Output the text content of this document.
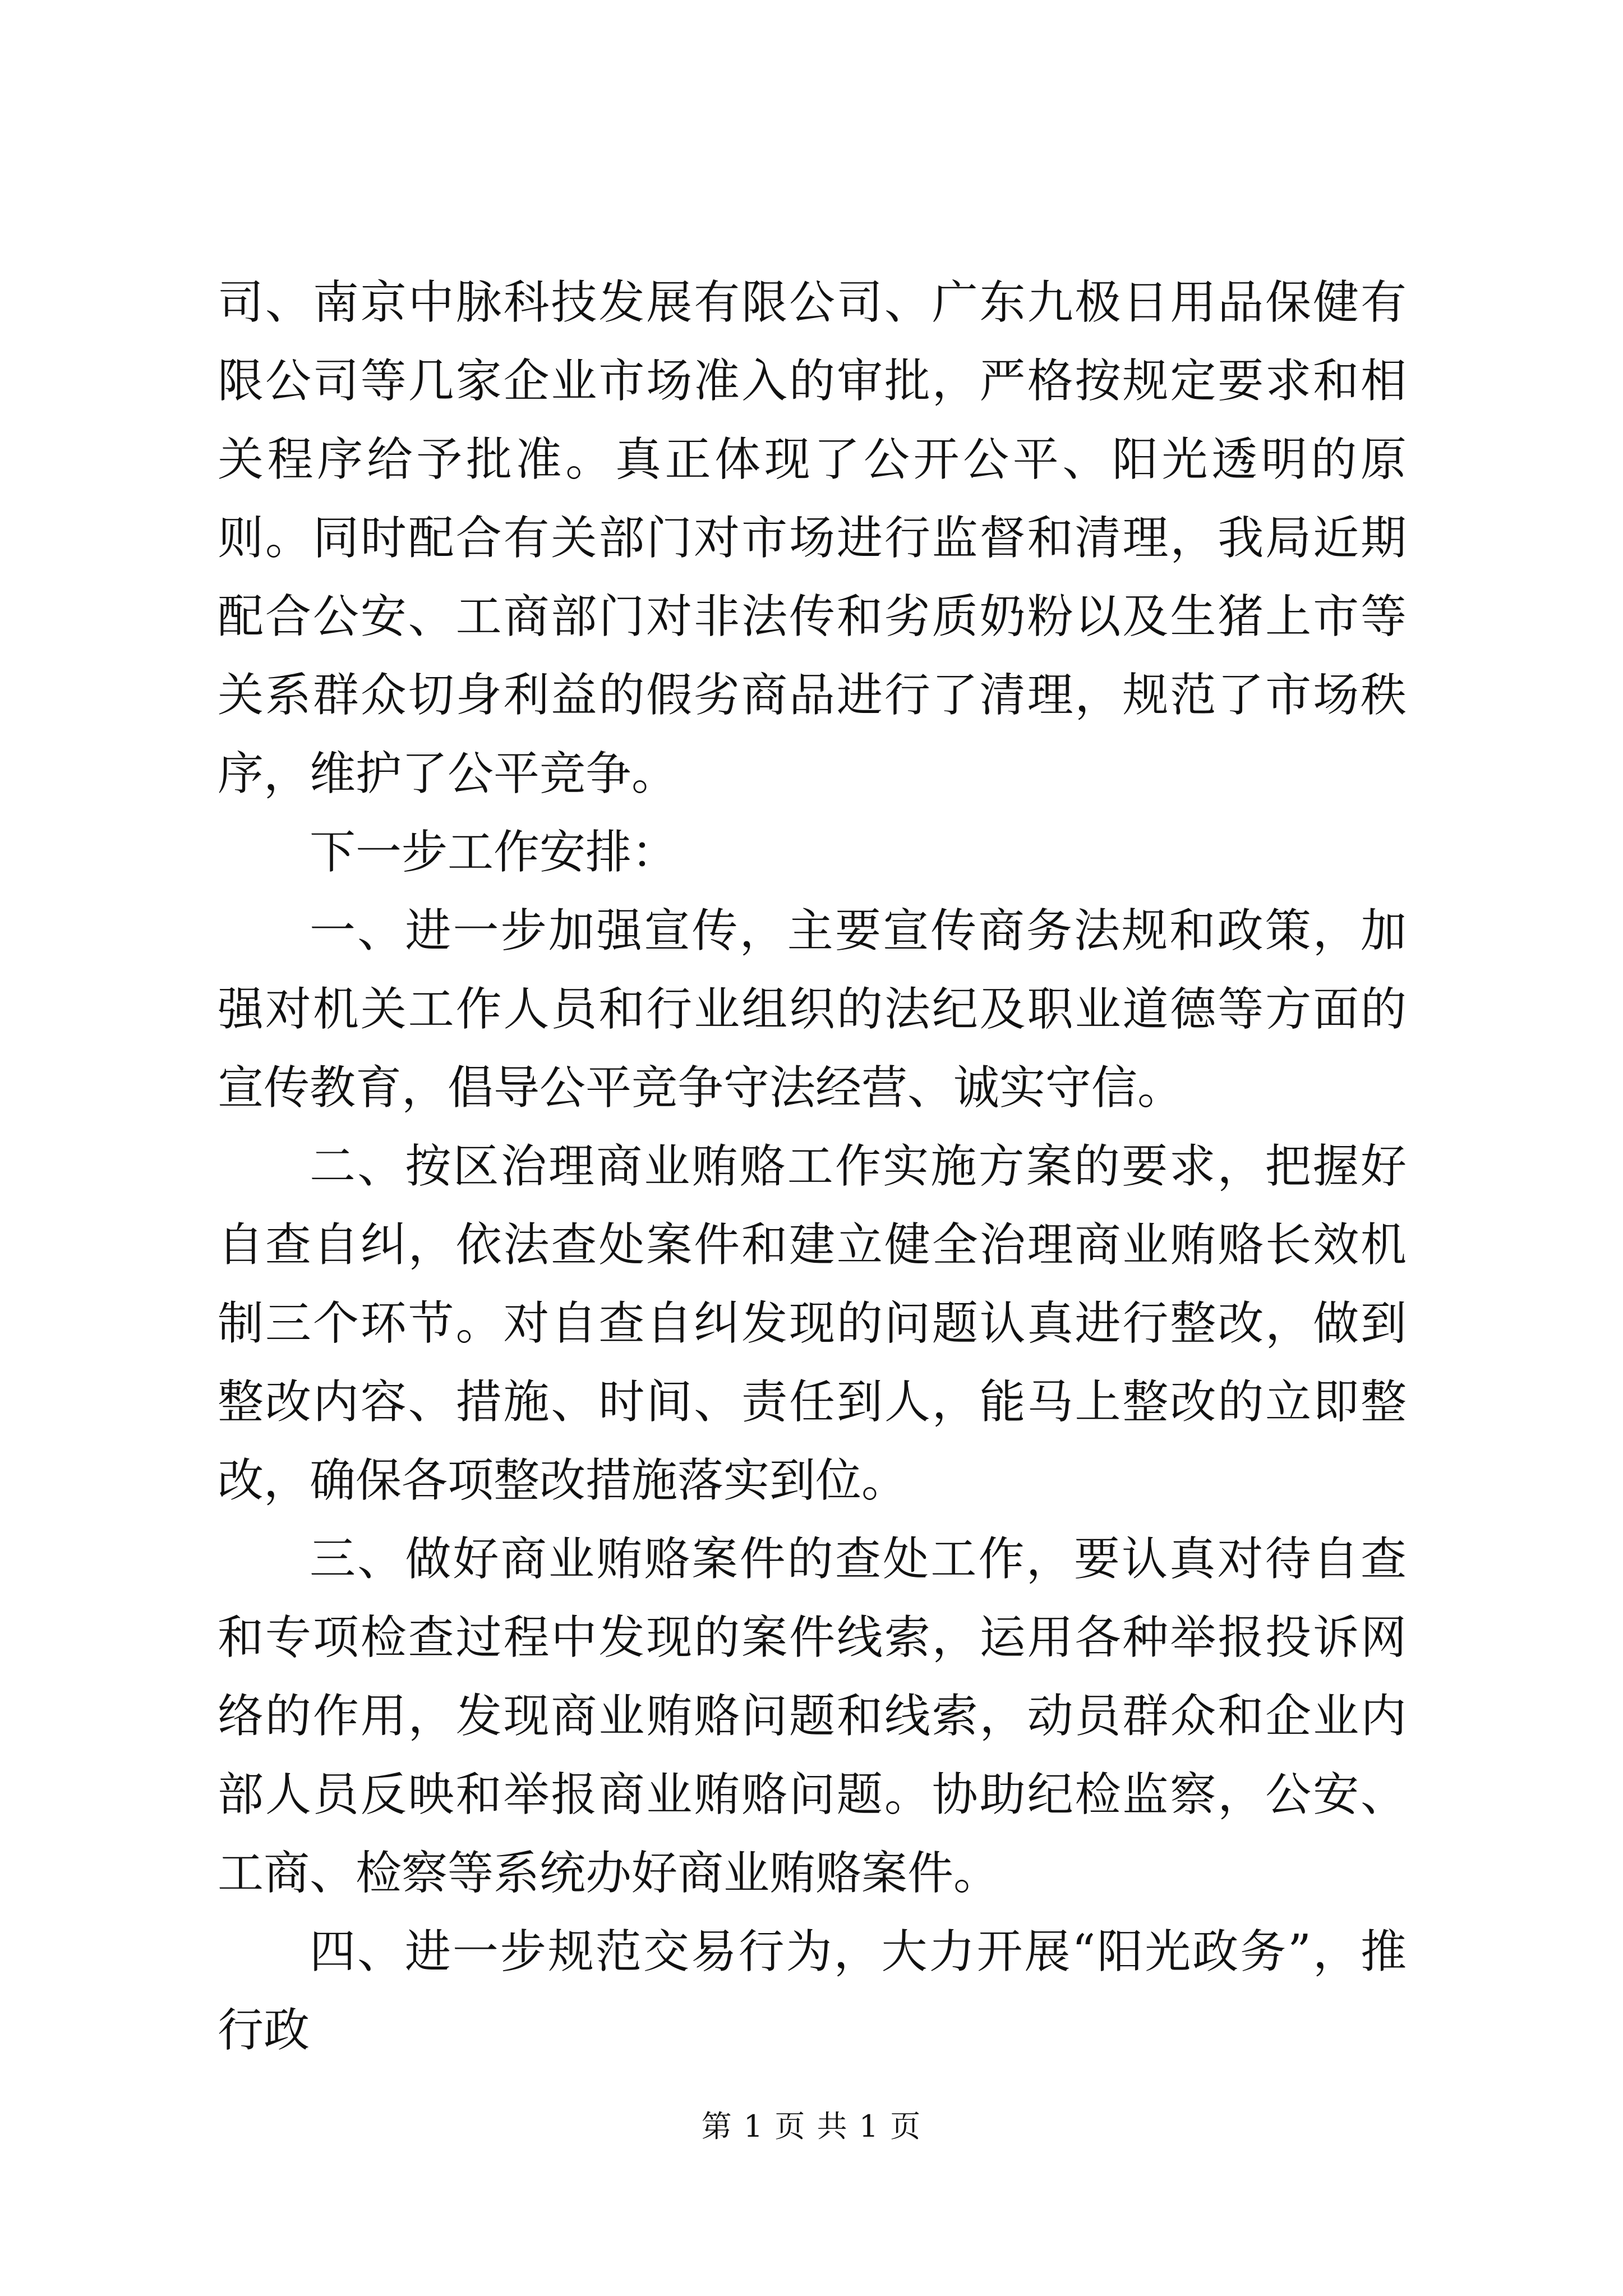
司、南京中脉科技发展有限公司、广东九极日用品保健有限公司等几家企业市场准入的审批，严格按规定要求和相关程序给予批准。真正体现了公开公平、阳光透明的原则。同时配合有关部门对市场进行监督和清理，我局近期配合公安、工商部门对非法传和劣质奶粉以及生猪上市等关系群众切身利益的假劣商品进行了清理，规范了市场秩序，维护了公平竞争。

下一步工作安排：

一、进一步加强宣传，主要宣传商务法规和政策，加强对机关工作人员和行业组织的法纪及职业道德等方面的宣传教育，倡导公平竞争守法经营、诚实守信。

二、按区治理商业贿赂工作实施方案的要求，把握好自查自纠，依法查处案件和建立健全治理商业贿赂长效机制三个环节。对自查自纠发现的问题认真进行整改，做到整改内容、措施、时间、责任到人，能马上整改的立即整改，确保各项整改措施落实到位。

三、做好商业贿赂案件的查处工作，要认真对待自查和专项检查过程中发现的案件线索，运用各种举报投诉网络的作用，发现商业贿赂问题和线索，动员群众和企业内部人员反映和举报商业贿赂问题。协助纪检监察，公安、工商、检察等系统办好商业贿赂案件。

四、进一步规范交易行为，大力开展“阳光政务”，推行政

第 1 页 共 1 页
